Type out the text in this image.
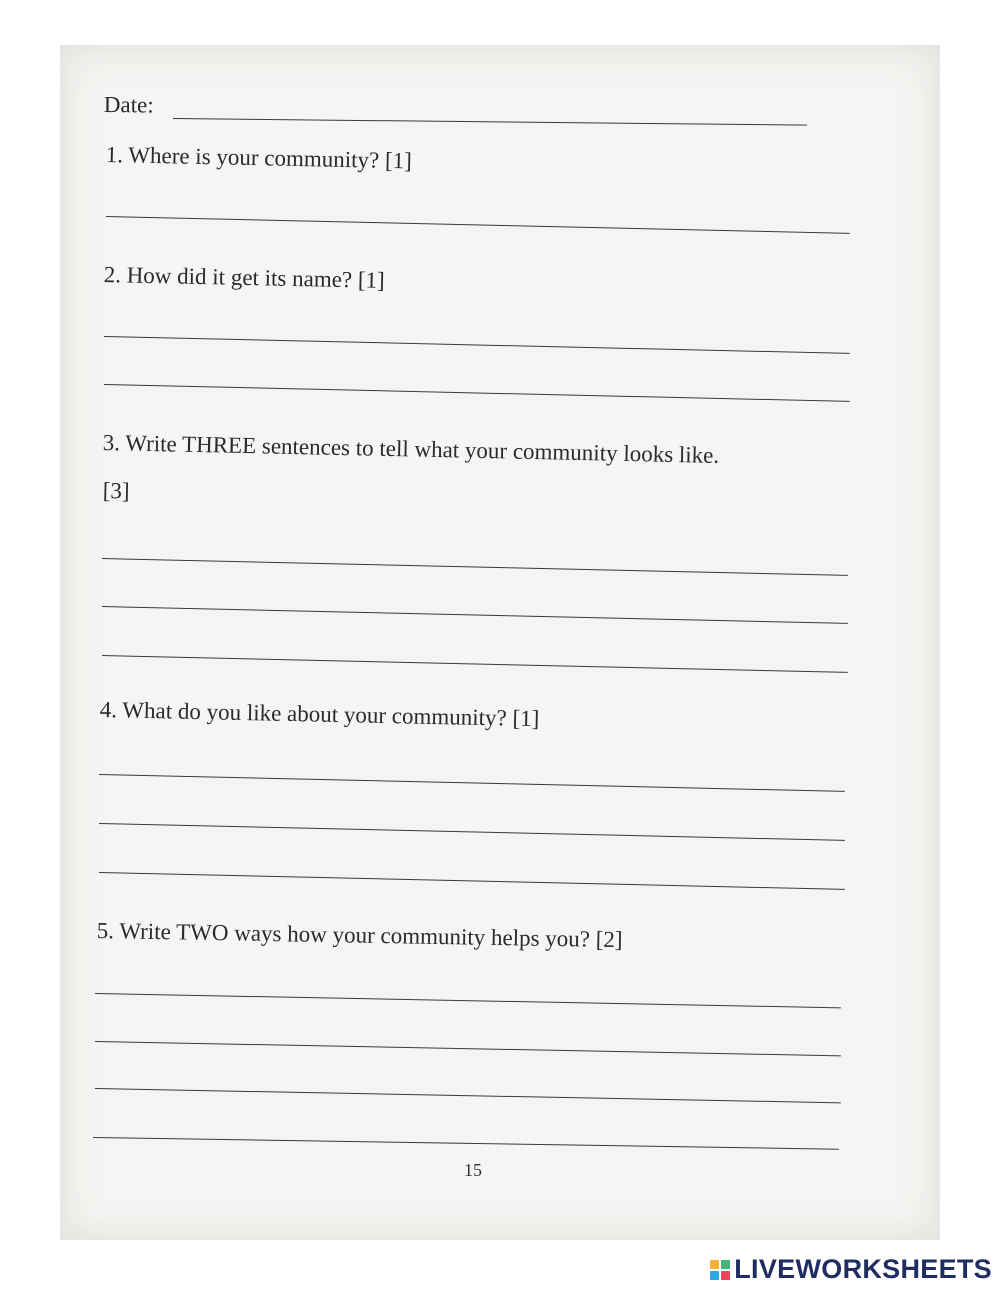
Date:
1. Where is your community? [1]
2. How did it get its name? [1]
3. Write THREE sentences to tell what your community looks like.
[3]
4. What do you like about your community? [1]
5. Write TWO ways how your community helps you? [2]
15
LIVEWORKSHEETS
